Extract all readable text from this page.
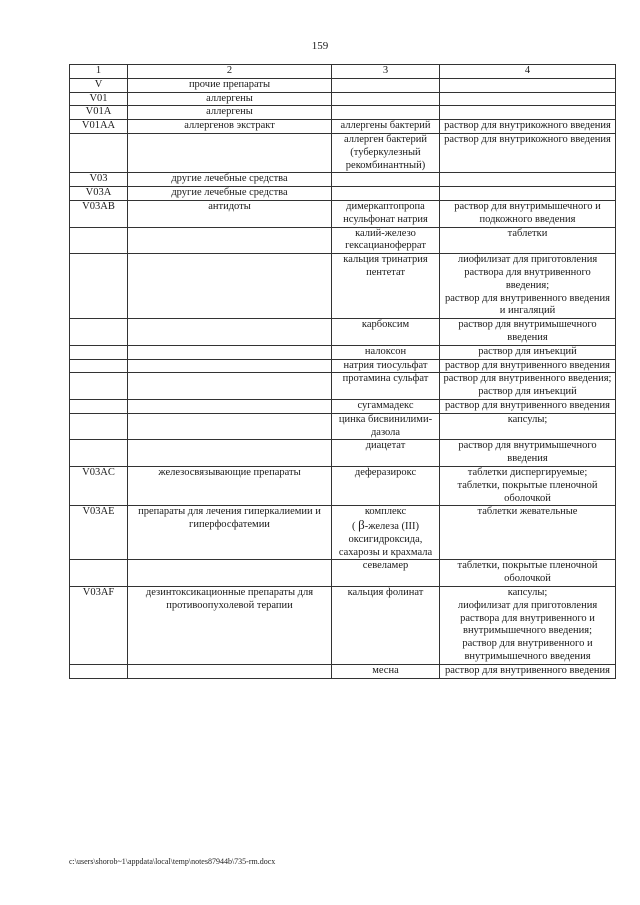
159
1	2	3	4
V	прочие препараты		
V01	аллергены		
V01A	аллергены		
V01AA	аллергенов экстракт	аллергены бактерий	раствор для внутрикожного введения

		аллерген бактерий (туберкулезный рекомбинантный)	раствор для внутрикожного введения

V03	другие лечебные средства		
V03A	другие лечебные средства		
V03AB	антидоты	димеркаптопропа нсульфонат натрия	раствор для внутримышечного и подкожного введения

		калий-железо гексацианоферрат	таблетки

		кальция тринатрия пентетат	лиофилизат для приготовления раствора для внутривенного введения;
раствор для внутривенного введения и ингаляций

		карбоксим	раствор для внутримышечного введения

		налоксон	раствор для инъекций

		натрия тиосульфат	раствор для внутривенного введения

		протамина сульфат	раствор для внутривенного введения;
раствор для инъекций

		сугаммадекс	раствор для внутривенного введения

		цинка бисвинилими-дазола	капсулы;

		диацетат	раствор для внутримышечного введения

V03AC	железосвязывающие препараты	деферазирокс	таблетки диспергируемые;
таблетки, покрытые пленочной оболочкой

V03AE	препараты для лечения гиперкалиемии и гиперфосфатемии	комплекс
( β-железа (III) оксигидроксида, сахарозы и крахмала	таблетки жевательные

		севеламер	таблетки, покрытые пленочной оболочкой

V03AF	дезинтоксикационные препараты для противоопухолевой терапии	кальция фолинат	капсулы;
лиофилизат для приготовления раствора для внутривенного и внутримышечного введения;
раствор для внутривенного и внутримышечного введения

		месна	раствор для внутривенного введения
c:\users\shorob~1\appdata\local\temp\notes87944b\735-rm.docx
